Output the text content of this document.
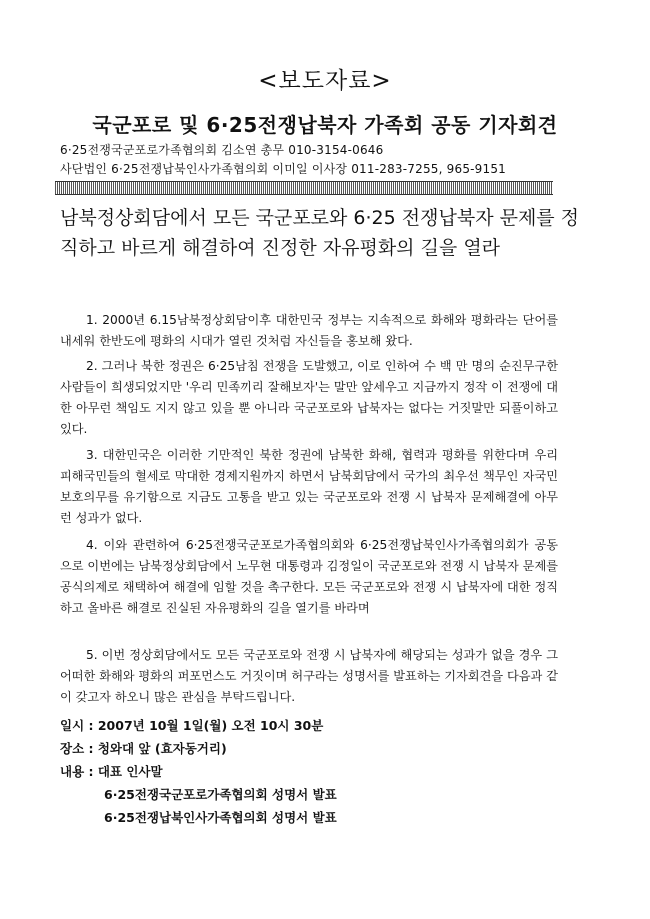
<보도자료>
국군포로 및 6·25전쟁납북자 가족회 공동 기자회견
6·25전쟁국군포로가족협의회 김소연 총무 010-3154-0646
사단법인 6·25전쟁납북인사가족협의회 이미일 이사장 011-283-7255, 965-9151
남북정상회담에서 모든 국군포로와 6·25 전쟁납북자 문제를 정직하고 바르게 해결하여 진정한 자유평화의 길을 열라

1. 2000년 6.15남북정상회담이후 대한민국 정부는 지속적으로 화해와 평화라는 단어를 내세워 한반도에 평화의 시대가 열린 것처럼 자신들을 홍보해 왔다.

2. 그러나 북한 정권은 6·25남침 전쟁을 도발했고, 이로 인하여 수 백 만 명의 순진무구한 사람들이 희생되었지만 '우리 민족끼리 잘해보자'는 말만 앞세우고 지금까지 정작 이 전쟁에 대한 아무런 책임도 지지 않고 있을 뿐 아니라 국군포로와 납북자는 없다는 거짓말만 되풀이하고 있다.

3. 대한민국은 이러한 기만적인 북한 정권에 남북한 화해, 협력과 평화를 위한다며 우리 피해국민들의 혈세로 막대한 경제지원까지 하면서 남북회담에서 국가의 최우선 책무인 자국민 보호의무를 유기함으로 지금도 고통을 받고 있는 국군포로와 전쟁 시 납북자 문제해결에 아무런 성과가 없다.

4. 이와 관련하여 6·25전쟁국군포로가족협의회와 6·25전쟁납북인사가족협의회가 공동으로 이번에는 남북정상회담에서 노무현 대통령과 김정일이 국군포로와 전쟁 시 납북자 문제를 공식의제로 채택하여 해결에 임할 것을 촉구한다. 모든 국군포로와 전쟁 시 납북자에 대한 정직하고 올바른 해결로 진실된 자유평화의 길을 열기를 바라며

5. 이번 정상회담에서도 모든 국군포로와 전쟁 시 납북자에 해당되는 성과가 없을 경우 그 어떠한 화해와 평화의 퍼포먼스도 거짓이며 허구라는 성명서를 발표하는 기자회견을 다음과 같이 갖고자 하오니 많은 관심을 부탁드립니다.

일시 : 2007년 10월 1일(월) 오전 10시 30분
장소 : 청와대 앞 (효자동거리)
내용 : 대표 인사말
6·25전쟁국군포로가족협의회 성명서 발표
6·25전쟁납북인사가족협의회 성명서 발표
